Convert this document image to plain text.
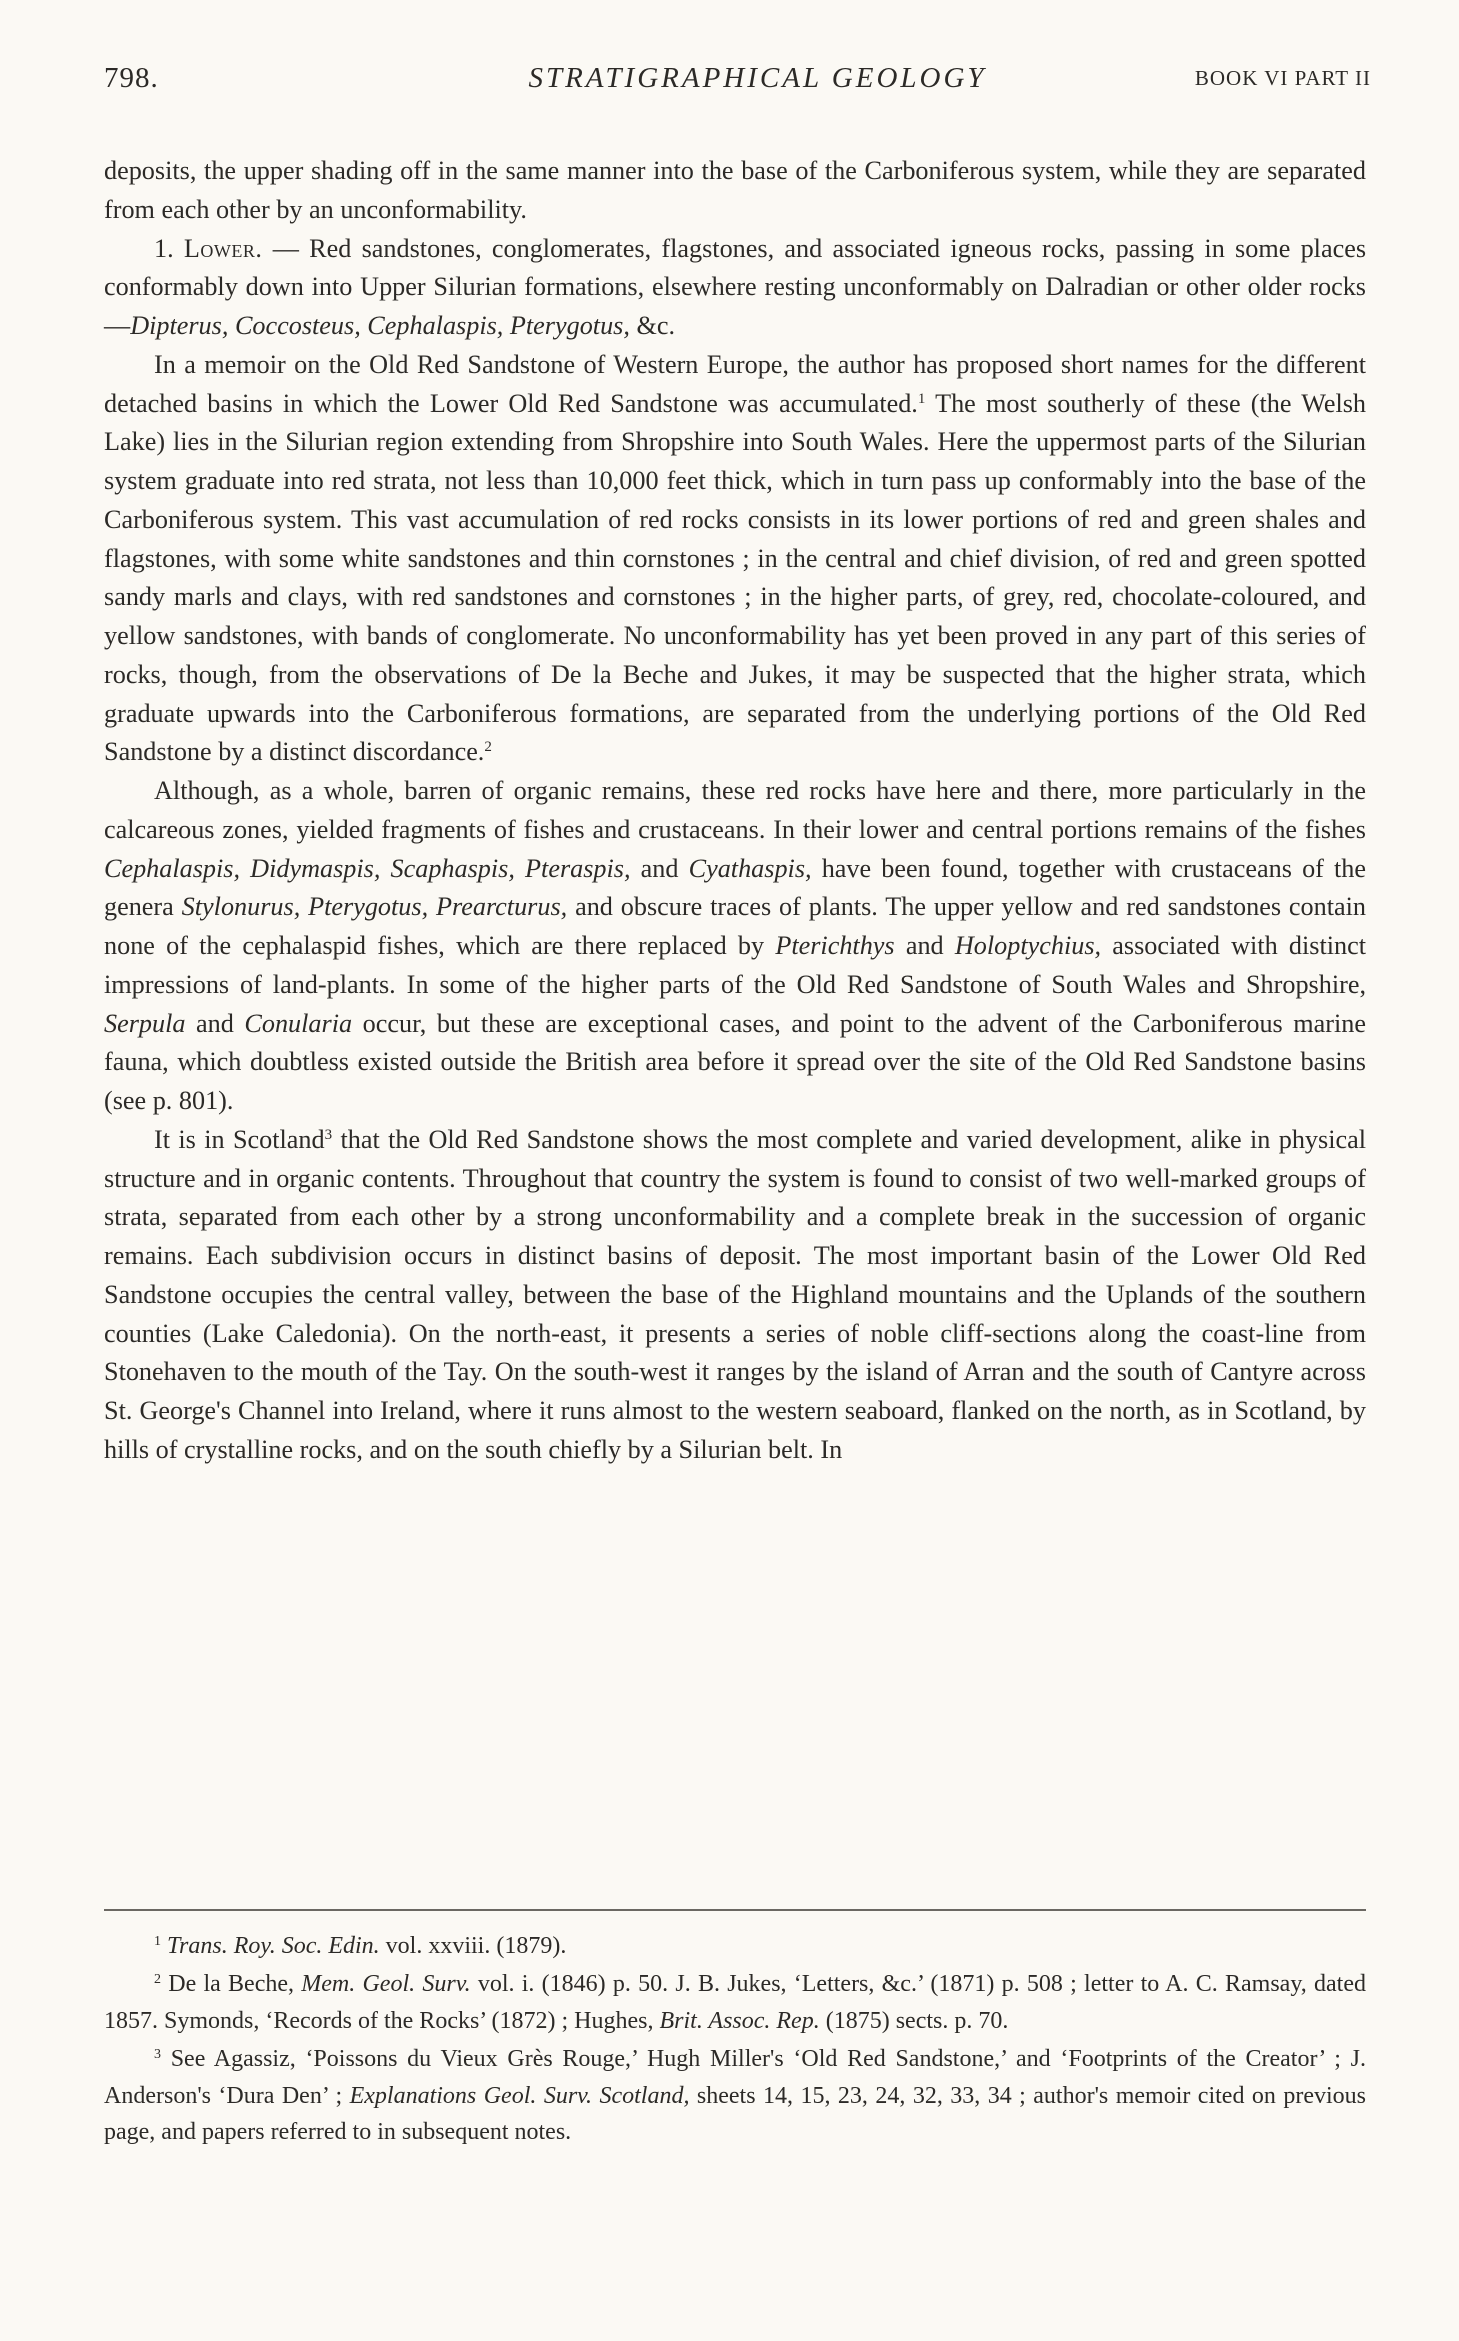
798.	STRATIGRAPHICAL GEOLOGY	BOOK VI PART II

deposits, the upper shading off in the same manner into the base of the Carboniferous system, while they are separated from each other by an unconformability.

1. Lower. — Red sandstones, conglomerates, flagstones, and associated igneous rocks, passing in some places conformably down into Upper Silurian formations, elsewhere resting unconformably on Dalradian or other older rocks—Dipterus, Coccosteus, Cephalaspis, Pterygotus, &c.

In a memoir on the Old Red Sandstone of Western Europe, the author has proposed short names for the different detached basins in which the Lower Old Red Sandstone was accumulated.$^1$ The most southerly of these (the Welsh Lake) lies in the Silurian region extending from Shropshire into South Wales. Here the uppermost parts of the Silurian system graduate into red strata, not less than 10,000 feet thick, which in turn pass up conformably into the base of the Carboniferous system. This vast accumulation of red rocks consists in its lower portions of red and green shales and flagstones, with some white sandstones and thin cornstones ; in the central and chief division, of red and green spotted sandy marls and clays, with red sandstones and cornstones ; in the higher parts, of grey, red, chocolate-coloured, and yellow sandstones, with bands of conglomerate. No unconformability has yet been proved in any part of this series of rocks, though, from the observations of De la Beche and Jukes, it may be suspected that the higher strata, which graduate upwards into the Carboniferous formations, are separated from the underlying portions of the Old Red Sandstone by a distinct discordance.$^2$

Although, as a whole, barren of organic remains, these red rocks have here and there, more particularly in the calcareous zones, yielded fragments of fishes and crustaceans. In their lower and central portions remains of the fishes Cephalaspis, Didymaspis, Scaphaspis, Pteraspis, and Cyathaspis, have been found, together with crustaceans of the genera Stylonurus, Pterygotus, Prearcturus, and obscure traces of plants. The upper yellow and red sandstones contain none of the cephalaspid fishes, which are there replaced by Pterichthys and Holoptychius, associated with distinct impressions of land-plants. In some of the higher parts of the Old Red Sandstone of South Wales and Shropshire, Serpula and Conularia occur, but these are exceptional cases, and point to the advent of the Carboniferous marine fauna, which doubtless existed outside the British area before it spread over the site of the Old Red Sandstone basins (see p. 801).

It is in Scotland$^3$ that the Old Red Sandstone shows the most complete and varied development, alike in physical structure and in organic contents. Throughout that country the system is found to consist of two well-marked groups of strata, separated from each other by a strong unconformability and a complete break in the succession of organic remains. Each subdivision occurs in distinct basins of deposit. The most important basin of the Lower Old Red Sandstone occupies the central valley, between the base of the Highland mountains and the Uplands of the southern counties (Lake Caledonia). On the north-east, it presents a series of noble cliff-sections along the coast-line from Stonehaven to the mouth of the Tay. On the south-west it ranges by the island of Arran and the south of Cantyre across St. George's Channel into Ireland, where it runs almost to the western seaboard, flanked on the north, as in Scotland, by hills of crystalline rocks, and on the south chiefly by a Silurian belt. In

$^1$ Trans. Roy. Soc. Edin. vol. xxviii. (1879).

$^2$ De la Beche, Mem. Geol. Surv. vol. i. (1846) p. 50. J. B. Jukes, ‘Letters, &c.’ (1871) p. 508 ; letter to A. C. Ramsay, dated 1857. Symonds, ‘Records of the Rocks’ (1872) ; Hughes, Brit. Assoc. Rep. (1875) sects. p. 70.

$^3$ See Agassiz, ‘Poissons du Vieux Grès Rouge,’ Hugh Miller's ‘Old Red Sandstone,’ and ‘Footprints of the Creator’ ; J. Anderson's ‘Dura Den’ ; Explanations Geol. Surv. Scotland, sheets 14, 15, 23, 24, 32, 33, 34 ; author's memoir cited on previous page, and papers referred to in subsequent notes.
